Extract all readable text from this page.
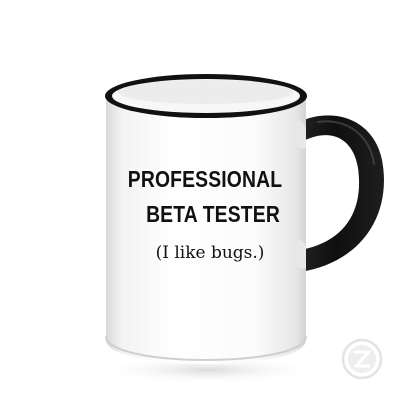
PROFESSIONAL
BETA TESTER
(I like bugs.)
